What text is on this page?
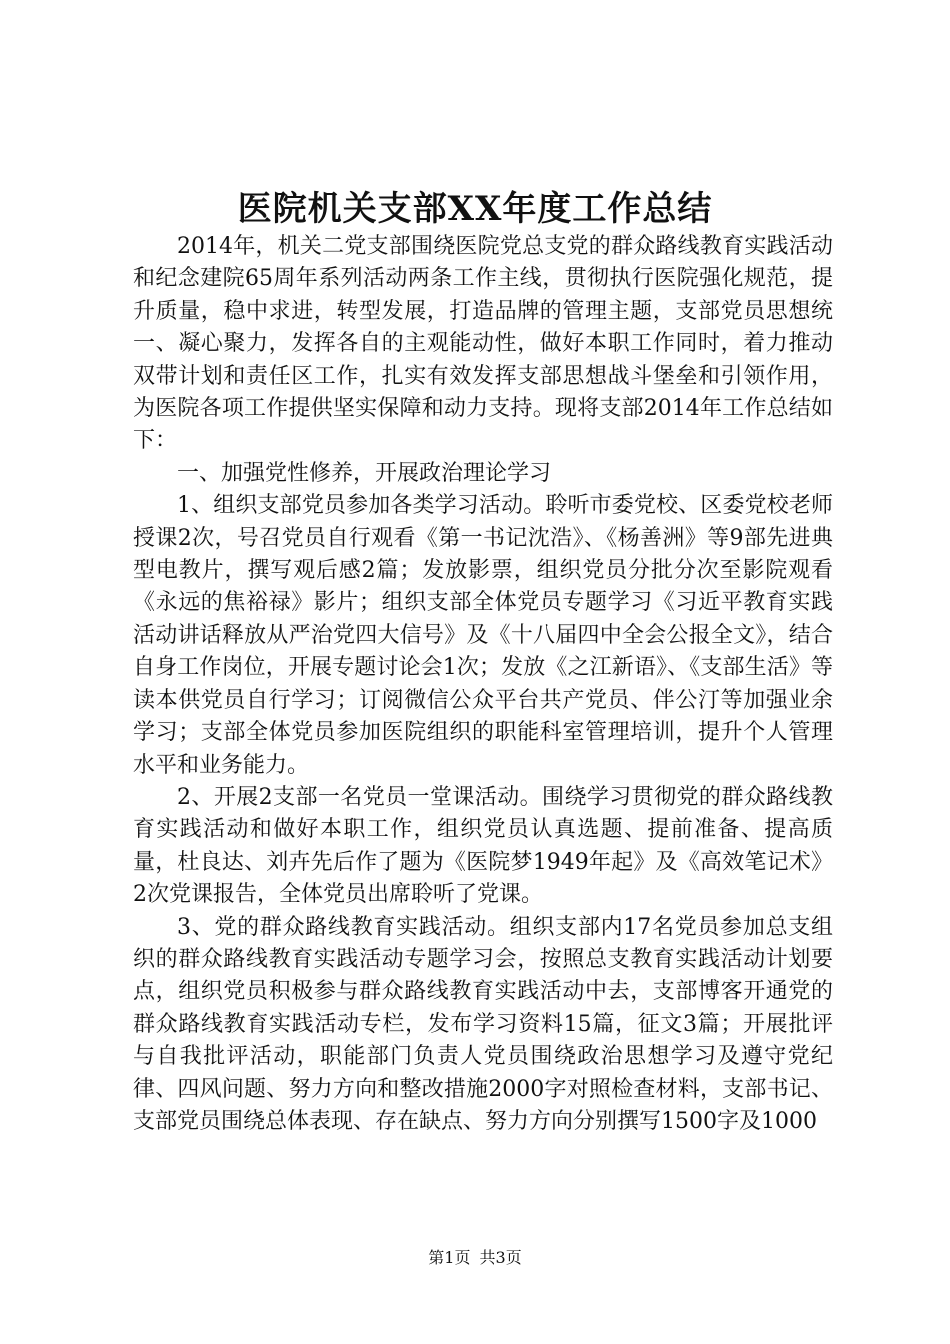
医院机关支部XX年度工作总结

2014年，机关二党支部围绕医院党总支党的群众路线教育实践活动和纪念建院65周年系列活动两条工作主线，贯彻执行医院强化规范，提升质量，稳中求进，转型发展，打造品牌的管理主题，支部党员思想统一、凝心聚力，发挥各自的主观能动性，做好本职工作同时，着力推动双带计划和责任区工作，扎实有效发挥支部思想战斗堡垒和引领作用，为医院各项工作提供坚实保障和动力支持。现将支部2014年工作总结如下：

一、加强党性修养，开展政治理论学习

1、组织支部党员参加各类学习活动。聆听市委党校、区委党校老师授课2次，号召党员自行观看《第一书记沈浩》、《杨善洲》等9部先进典型电教片，撰写观后感2篇；发放影票，组织党员分批分次至影院观看《永远的焦裕禄》影片；组织支部全体党员专题学习《习近平教育实践活动讲话释放从严治党四大信号》及《十八届四中全会公报全文》，结合自身工作岗位，开展专题讨论会1次；发放《之江新语》、《支部生活》等读本供党员自行学习；订阅微信公众平台共产党员、伴公汀等加强业余学习；支部全体党员参加医院组织的职能科室管理培训，提升个人管理水平和业务能力。

2、开展2支部一名党员一堂课活动。围绕学习贯彻党的群众路线教育实践活动和做好本职工作，组织党员认真选题、提前准备、提高质量，杜良达、刘卉先后作了题为《医院梦1949年起》及《高效笔记术》2次党课报告，全体党员出席聆听了党课。

3、党的群众路线教育实践活动。组织支部内17名党员参加总支组织的群众路线教育实践活动专题学习会，按照总支教育实践活动计划要点，组织党员积极参与群众路线教育实践活动中去，支部博客开通党的群众路线教育实践活动专栏，发布学习资料15篇，征文3篇；开展批评与自我批评活动，职能部门负责人党员围绕政治思想学习及遵守党纪律、四风问题、努力方向和整改措施2000字对照检查材料，支部书记、支部党员围绕总体表现、存在缺点、努力方向分别撰写1500字及1000

第1页 共3页
